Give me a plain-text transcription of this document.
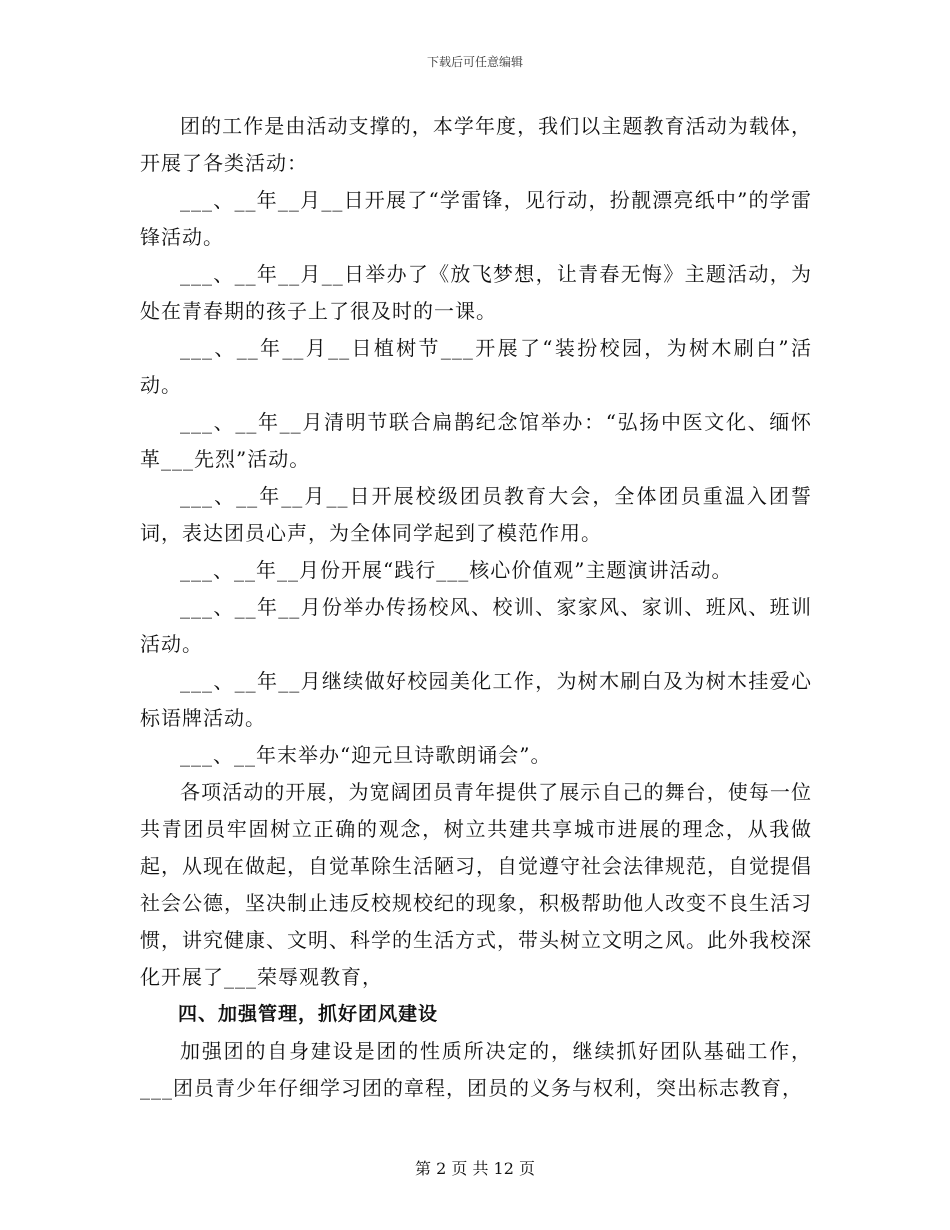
下载后可任意编辑

团的工作是由活动支撑的，本学年度，我们以主题教育活动为载体，开展了各类活动：

___、__年__月__日开展了“学雷锋，见行动，扮靓漂亮纸中”的学雷锋活动。

___、__年__月__日举办了《放飞梦想，让青春无悔》主题活动，为处在青春期的孩子上了很及时的一课。

___、__年__月__日植树节___开展了“装扮校园，为树木刷白”活动。

___、__年__月清明节联合扁鹊纪念馆举办：“弘扬中医文化、缅怀革___先烈”活动。

___、__年__月__日开展校级团员教育大会，全体团员重温入团誓词，表达团员心声，为全体同学起到了模范作用。

___、__年__月份开展“践行___核心价值观”主题演讲活动。

___、__年__月份举办传扬校风、校训、家家风、家训、班风、班训活动。

___、__年__月继续做好校园美化工作，为树木刷白及为树木挂爱心标语牌活动。

___、__年末举办“迎元旦诗歌朗诵会”。

各项活动的开展，为宽阔团员青年提供了展示自己的舞台，使每一位共青团员牢固树立正确的观念，树立共建共享城市进展的理念，从我做起，从现在做起，自觉革除生活陋习，自觉遵守社会法律规范，自觉提倡社会公德，坚决制止违反校规校纪的现象，积极帮助他人改变不良生活习惯，讲究健康、文明、科学的生活方式，带头树立文明之风。此外我校深化开展了___荣辱观教育，

四、加强管理，抓好团风建设

加强团的自身建设是团的性质所决定的，继续抓好团队基础工作，___团员青少年仔细学习团的章程，团员的义务与权利，突出标志教育，

第 2 页 共 12 页
